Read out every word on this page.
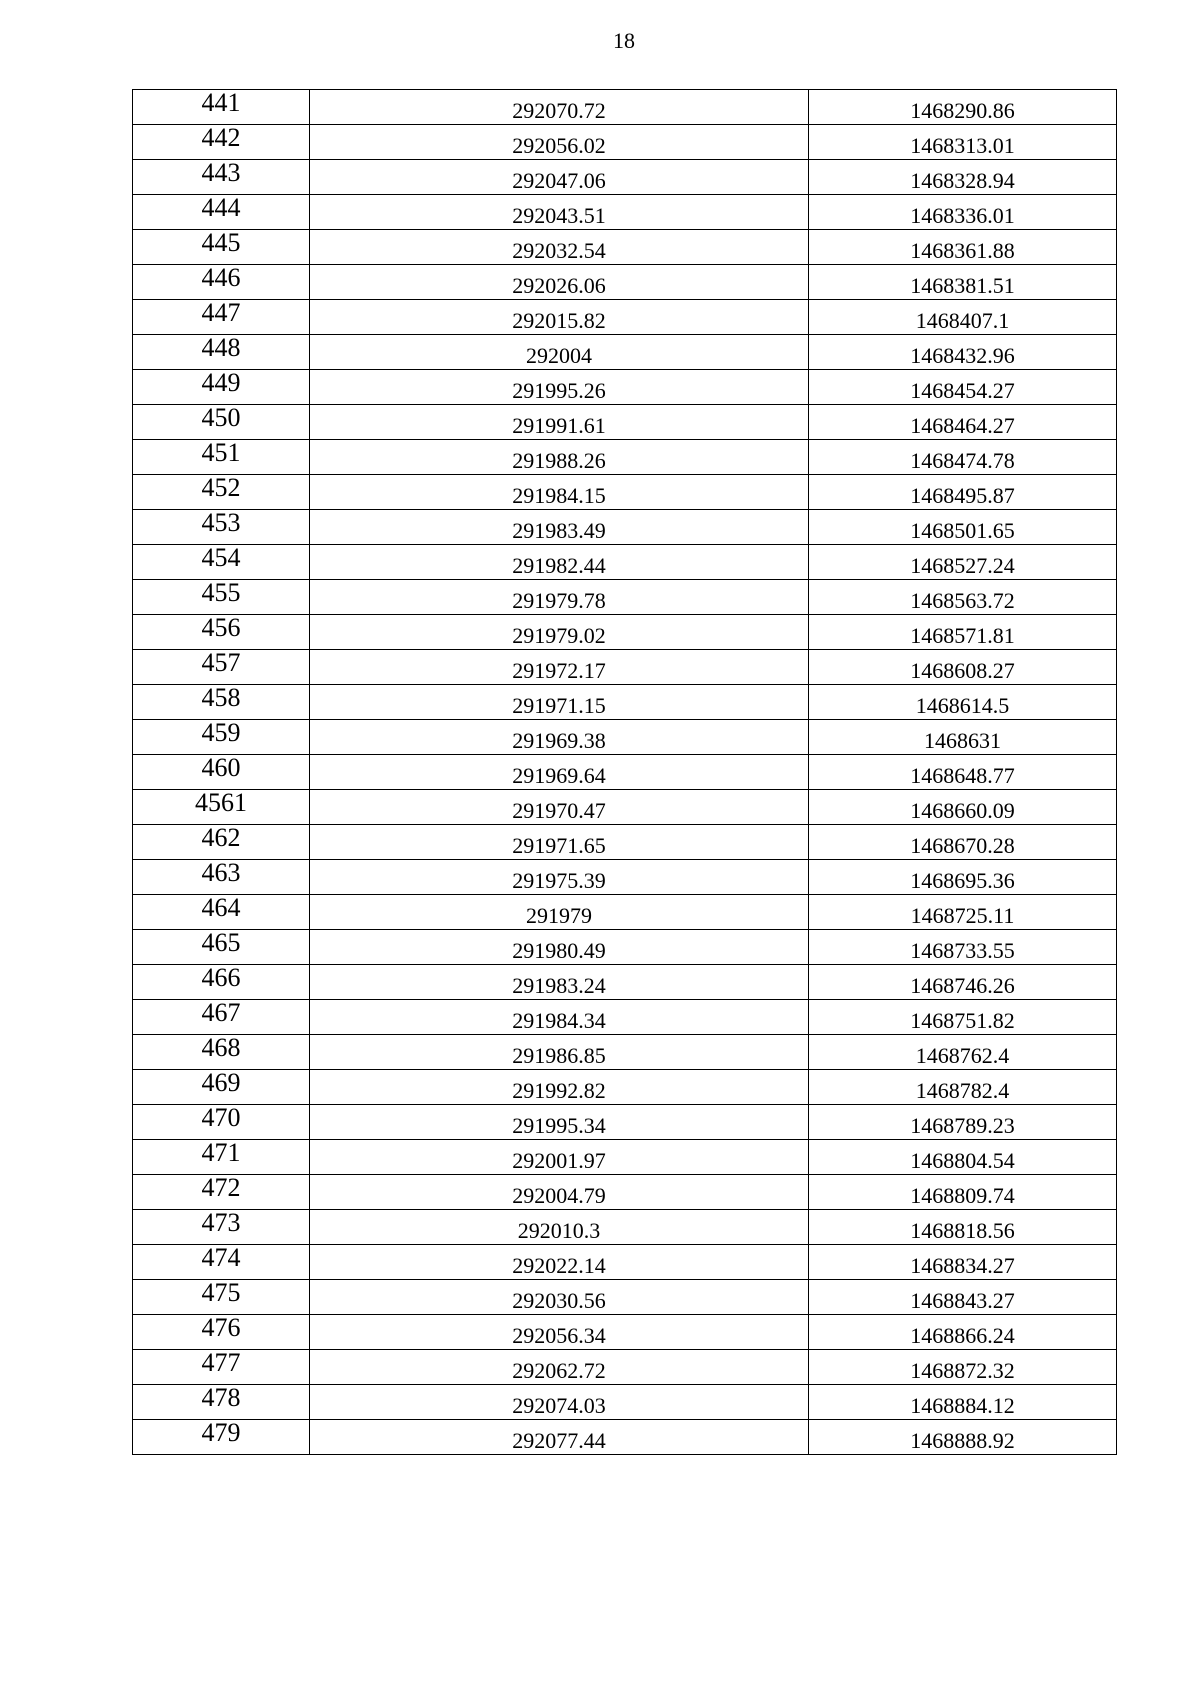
18
441	292070.72	1468290.86
442	292056.02	1468313.01
443	292047.06	1468328.94
444	292043.51	1468336.01
445	292032.54	1468361.88
446	292026.06	1468381.51
447	292015.82	1468407.1
448	292004	1468432.96
449	291995.26	1468454.27
450	291991.61	1468464.27
451	291988.26	1468474.78
452	291984.15	1468495.87
453	291983.49	1468501.65
454	291982.44	1468527.24
455	291979.78	1468563.72
456	291979.02	1468571.81
457	291972.17	1468608.27
458	291971.15	1468614.5
459	291969.38	1468631
460	291969.64	1468648.77
4561	291970.47	1468660.09
462	291971.65	1468670.28
463	291975.39	1468695.36
464	291979	1468725.11
465	291980.49	1468733.55
466	291983.24	1468746.26
467	291984.34	1468751.82
468	291986.85	1468762.4
469	291992.82	1468782.4
470	291995.34	1468789.23
471	292001.97	1468804.54
472	292004.79	1468809.74
473	292010.3	1468818.56
474	292022.14	1468834.27
475	292030.56	1468843.27
476	292056.34	1468866.24
477	292062.72	1468872.32
478	292074.03	1468884.12
479	292077.44	1468888.92
